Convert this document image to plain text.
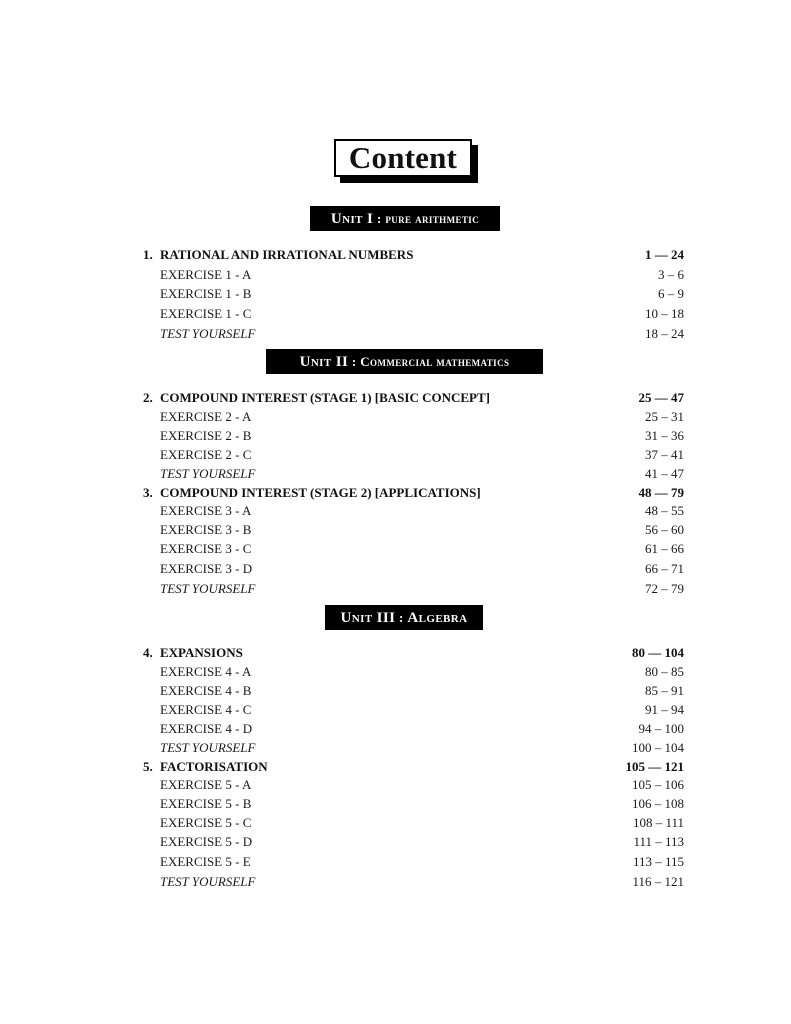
Content
Unit I : pure arithmetic
Unit II : Commercial mathematics
Unit III : Algebra
1. RATIONAL AND IRRATIONAL NUMBERS	1 — 24
EXERCISE 1 - A	3 – 6
EXERCISE 1 - B	6 – 9
EXERCISE 1 - C	10 – 18
TEST YOURSELF	18 – 24
2. COMPOUND INTEREST (STAGE 1) [BASIC CONCEPT]	25 — 47
EXERCISE 2 - A	25 – 31
EXERCISE 2 - B	31 – 36
EXERCISE 2 - C	37 – 41
TEST YOURSELF	41 – 47
3. COMPOUND INTEREST (STAGE 2) [APPLICATIONS]	48 — 79
EXERCISE 3 - A	48 – 55
EXERCISE 3 - B	56 – 60
EXERCISE 3 - C	61 – 66
EXERCISE 3 - D	66 – 71
TEST YOURSELF	72 – 79
4. EXPANSIONS	80 — 104
EXERCISE 4 - A	80 – 85
EXERCISE 4 - B	85 – 91
EXERCISE 4 - C	91 – 94
EXERCISE 4 - D	94 – 100
TEST YOURSELF	100 – 104
5. FACTORISATION	105 — 121
EXERCISE 5 - A	105 – 106
EXERCISE 5 - B	106 – 108
EXERCISE 5 - C	108 – 111
EXERCISE 5 - D	111 – 113
EXERCISE 5 - E	113 – 115
TEST YOURSELF	116 – 121
